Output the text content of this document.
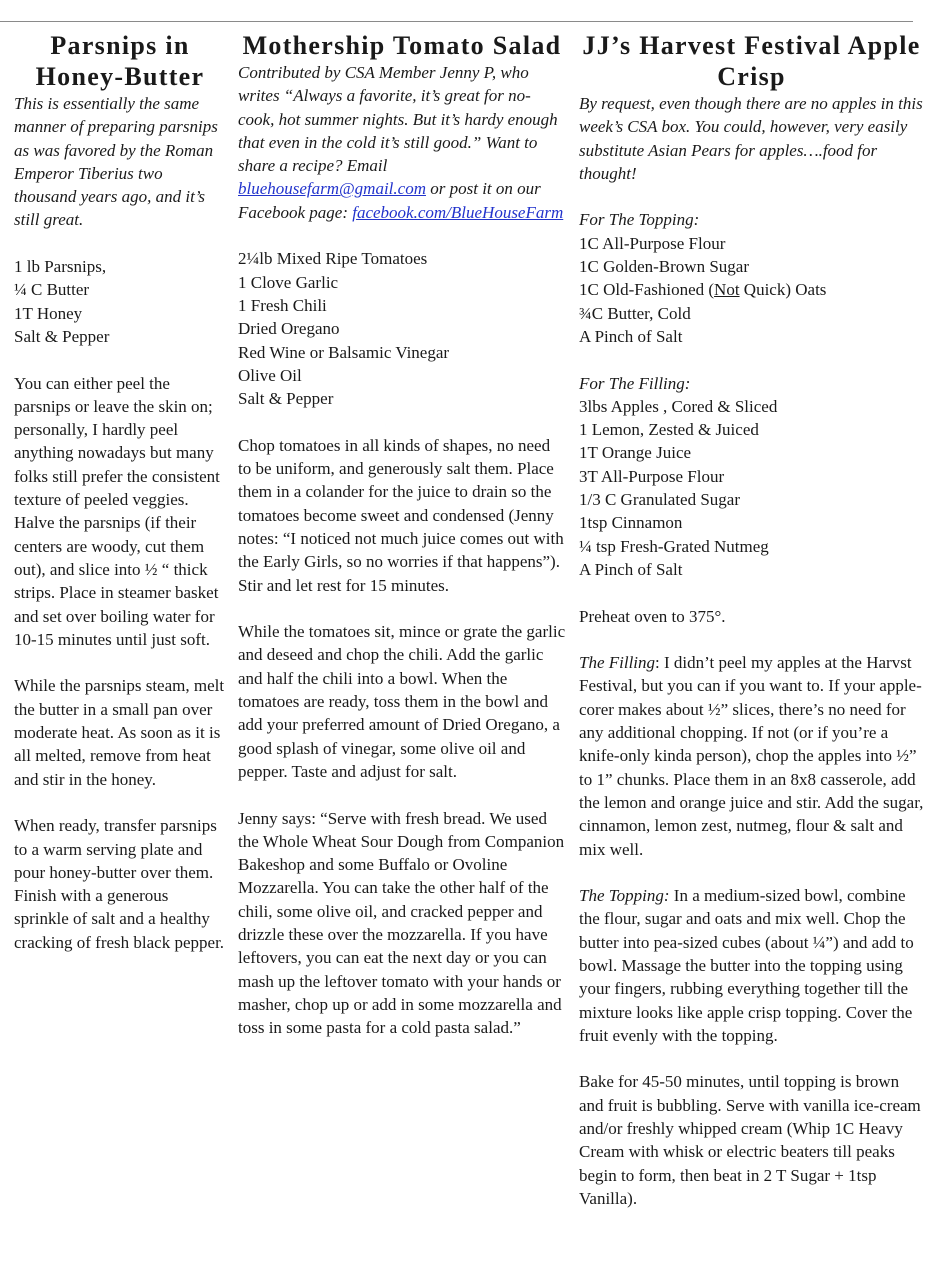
Parsnips in Honey-Butter

This is essentially the same manner of preparing parsnips as was favored by the Roman Emperor Tiberius two thousand years ago, and it’s still great.

1 lb Parsnips,
¼ C Butter
1T Honey
Salt & Pepper

You can either peel the parsnips or leave the skin on; personally, I hardly peel anything nowadays but many folks still prefer the consistent texture of peeled veggies. Halve the parsnips (if their centers are woody, cut them out), and slice into ½ “ thick strips. Place in steamer basket and set over boiling water for 10-15 minutes until just soft.

While the parsnips steam, melt the butter in a small pan over moderate heat. As soon as it is all melted, remove from heat and stir in the honey.

When ready, transfer parsnips to a warm serving plate and pour honey-butter over them. Finish with a generous sprinkle of salt and a healthy cracking of fresh black pepper.

Mothership Tomato Salad

Contributed by CSA Member Jenny P, who writes “Always a favorite, it’s great for no-cook, hot summer nights. But it’s hardy enough that even in the cold it’s still good.” Want to share a recipe? Email bluehousefarm@gmail.com or post it on our Facebook page: facebook.com/BlueHouseFarm

2¼lb Mixed Ripe Tomatoes
1 Clove Garlic
1 Fresh Chili
Dried Oregano
Red Wine or Balsamic Vinegar
Olive Oil
Salt & Pepper

Chop tomatoes in all kinds of shapes, no need to be uniform, and generously salt them. Place them in a colander for the juice to drain so the tomatoes become sweet and condensed (Jenny notes: “I noticed not much juice comes out with the Early Girls, so no worries if that happens”). Stir and let rest for 15 minutes.

While the tomatoes sit, mince or grate the garlic and deseed and chop the chili. Add the garlic and half the chili into a bowl. When the tomatoes are ready, toss them in the bowl and add your preferred amount of Dried Oregano, a good splash of vinegar, some olive oil and pepper. Taste and adjust for salt.

Jenny says: “Serve with fresh bread. We used the Whole Wheat Sour Dough from Companion Bakeshop and some Buffalo or Ovoline Mozzarella. You can take the other half of the chili, some olive oil, and cracked pepper and drizzle these over the mozzarella. If you have leftovers, you can eat the next day or you can mash up the leftover tomato with your hands or masher, chop up or add in some mozzarella and toss in some pasta for a cold pasta salad.”

JJ’s Harvest Festival Apple Crisp

By request, even though there are no apples in this week’s CSA box. You could, however, very easily substitute Asian Pears for apples….food for thought!

For The Topping:
1C All-Purpose Flour
1C Golden-Brown Sugar
1C Old-Fashioned (Not Quick) Oats
¾C Butter, Cold
A Pinch of Salt
For The Filling:
3lbs Apples , Cored & Sliced
1 Lemon, Zested & Juiced
1T Orange Juice
3T All-Purpose Flour
1/3 C Granulated Sugar
1tsp Cinnamon
¼ tsp Fresh-Grated Nutmeg
A Pinch of Salt

Preheat oven to 375°.

The Filling: I didn’t peel my apples at the Harvst Festival, but you can if you want to. If your apple-corer makes about ½” slices, there’s no need for any additional chopping. If not (or if you’re a knife-only kinda person), chop the apples into ½” to 1” chunks. Place them in an 8x8 casserole, add the lemon and orange juice and stir. Add the sugar, cinnamon, lemon zest, nutmeg, flour & salt and mix well.

The Topping: In a medium-sized bowl, combine the flour, sugar and oats and mix well. Chop the butter into pea-sized cubes (about ¼”) and add to bowl. Massage the butter into the topping using your fingers, rubbing everything together till the mixture looks like apple crisp topping. Cover the fruit evenly with the topping.

Bake for 45-50 minutes, until topping is brown and fruit is bubbling. Serve with vanilla ice-cream and/or freshly whipped cream (Whip 1C Heavy Cream with whisk or electric beaters till peaks begin to form, then beat in 2 T Sugar + 1tsp Vanilla).
